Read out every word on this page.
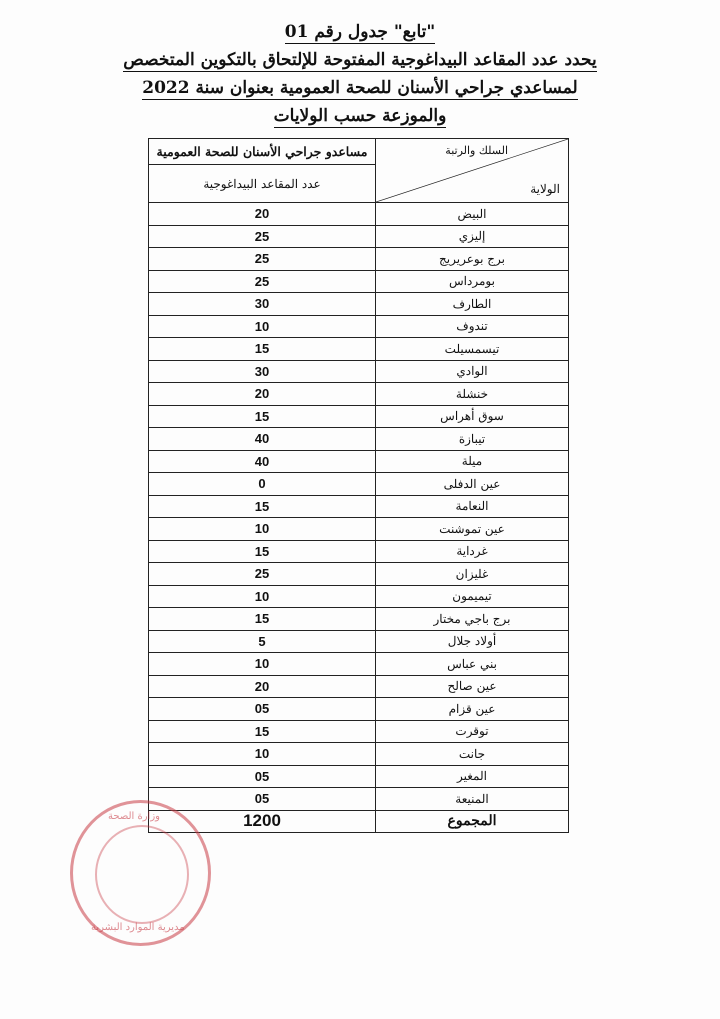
"تابع" جدول رقم 01
يحدد عدد المقاعد البيداغوجية المفتوحة للإلتحاق بالتكوين المتخصص
لمساعدي جراحي الأسنان للصحة العمومية بعنوان سنة 2022
والموزعة حسب الولايات
السلك والرتبة
الولاية	مساعدو جراحي الأسنان للصحة العمومية
	عدد المقاعد البيداغوجية
البيض	20
إليزي	25
برج بوعريريج	25
بومرداس	25
الطارف	30
تندوف	10
تيسمسيلت	15
الوادي	30
خنشلة	20
سوق أهراس	15
تيبازة	40
ميلة	40
عين الدفلى	0
النعامة	15
عين تموشنت	10
غرداية	15
غليزان	25
تيميمون	10
برج باجي مختار	15
أولاد جلال	5
بني عباس	10
عين صالح	20
عين قزام	05
توقرت	15
جانت	10
المغير	05
المنيعة	05
المجموع	1200
وزارة الصحة
مديرية الموارد البشرية
